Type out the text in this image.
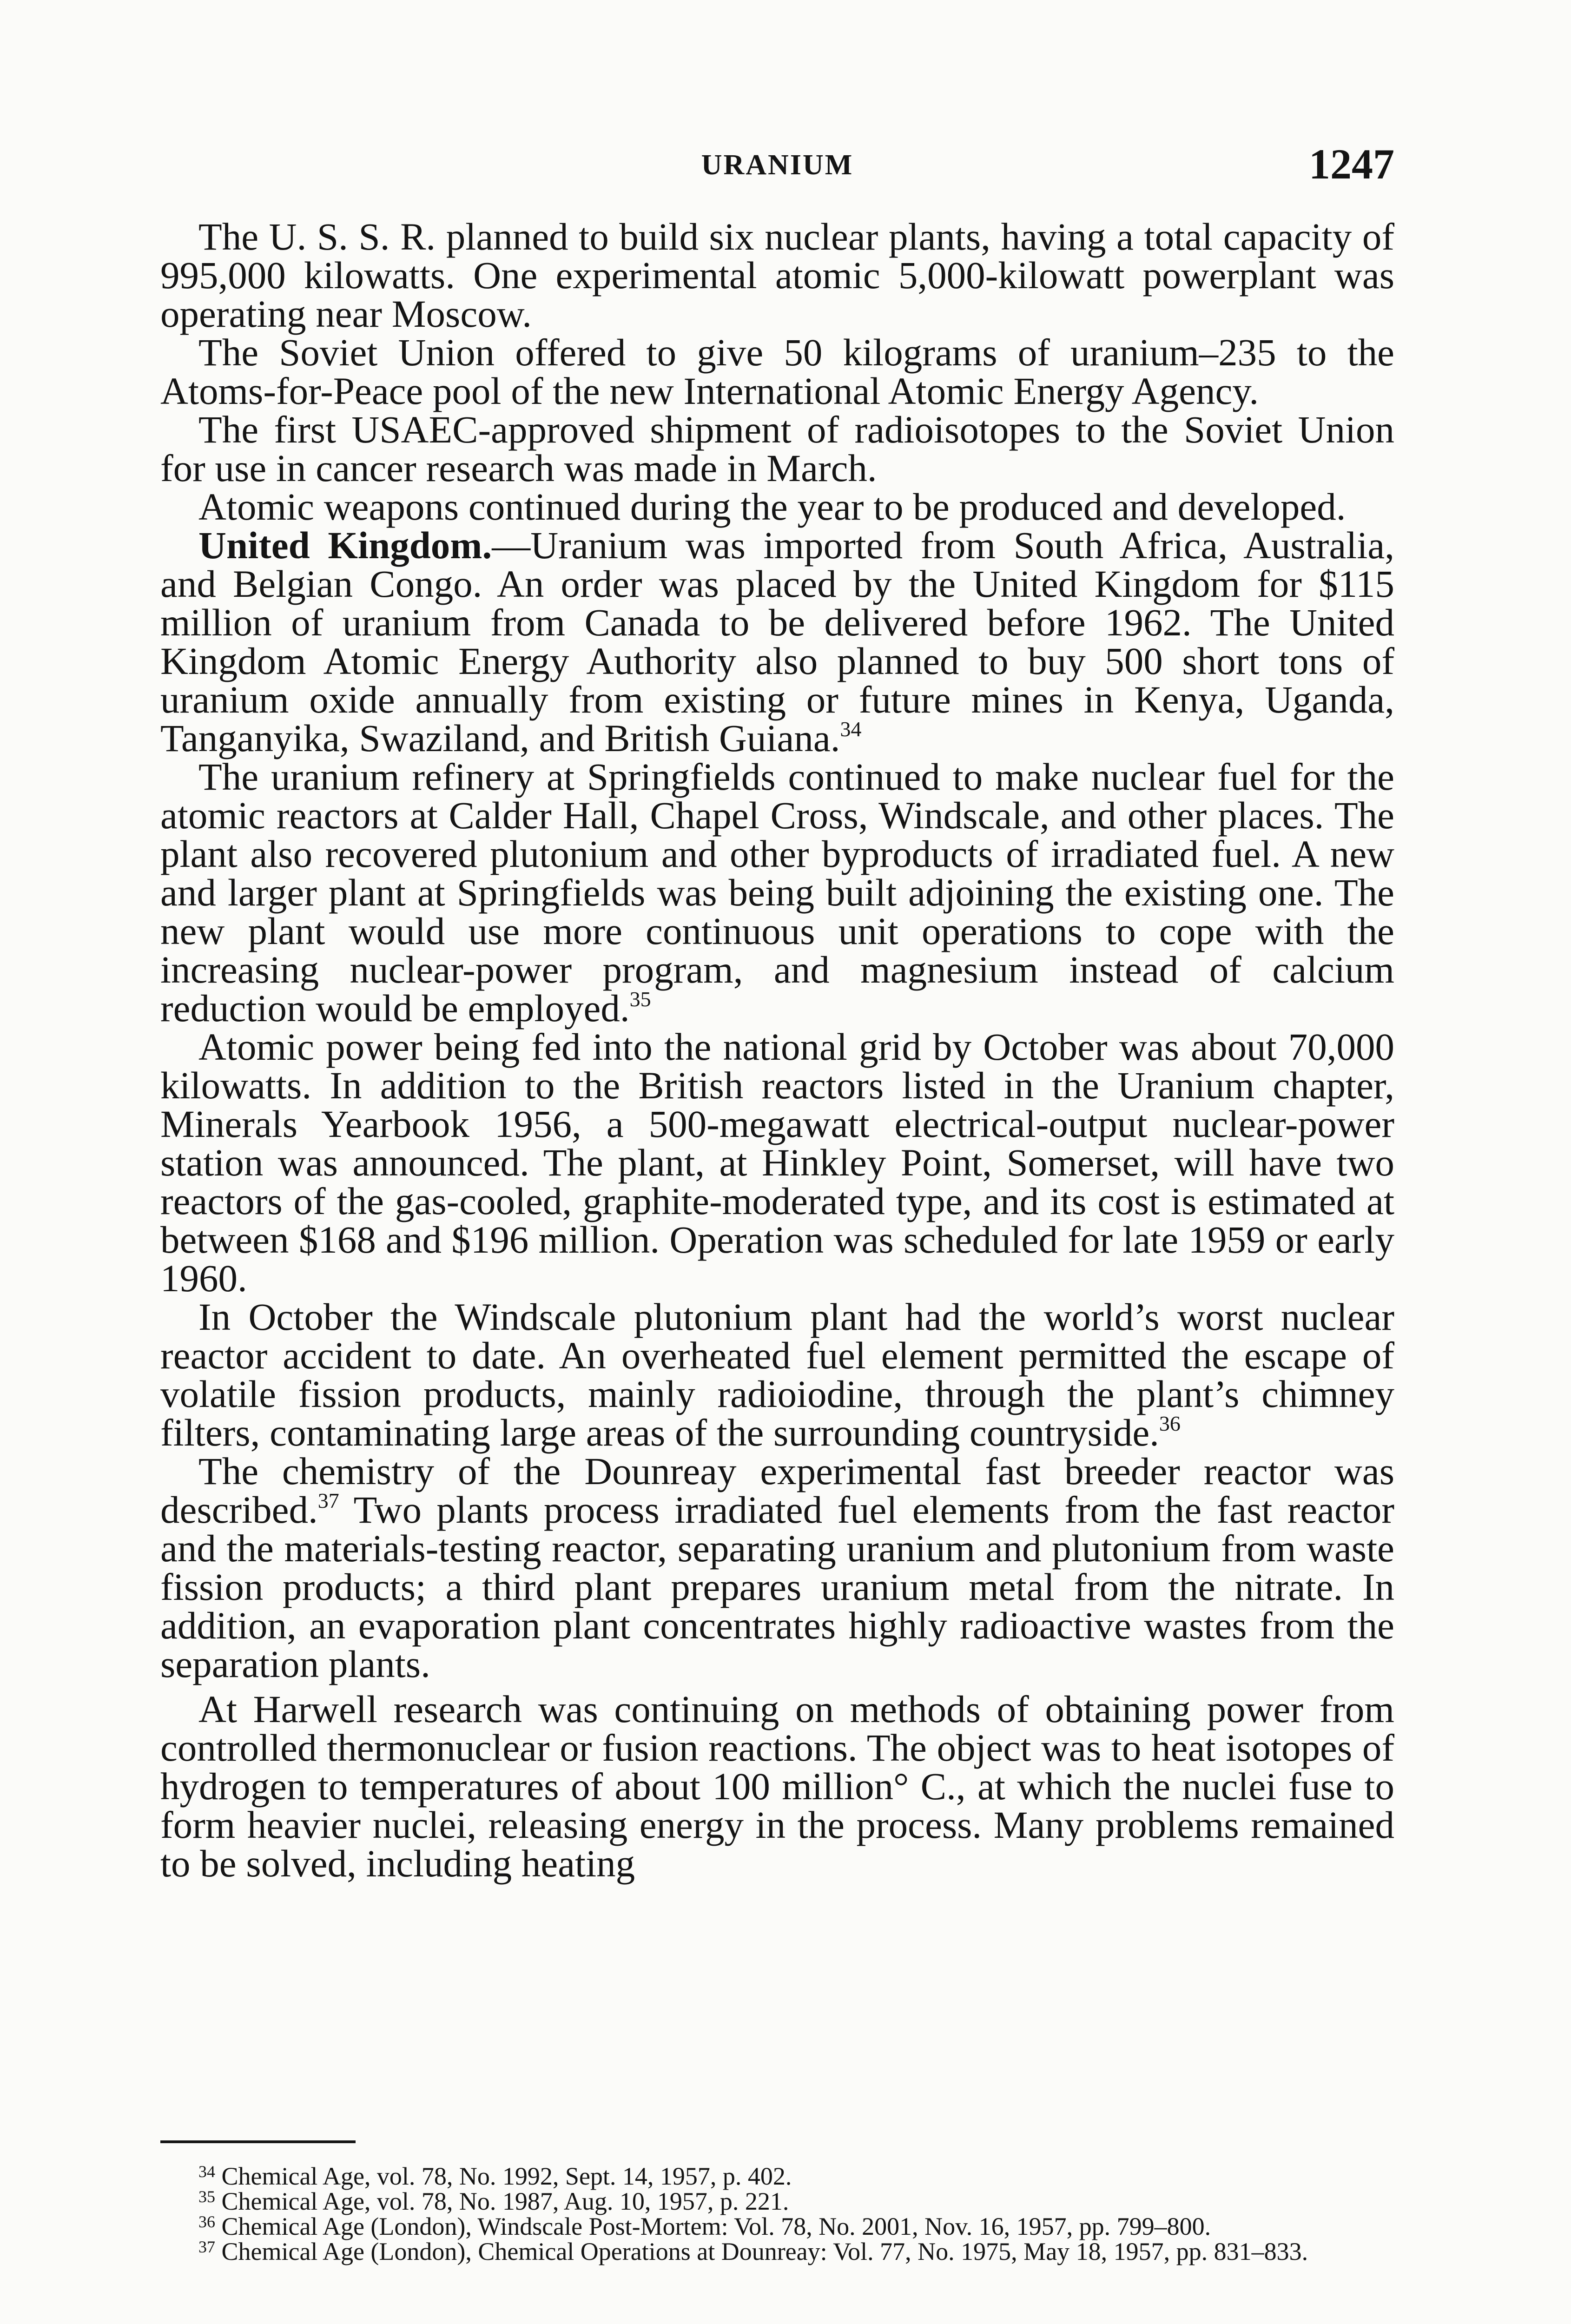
URANIUM	1247

The U. S. S. R. planned to build six nuclear plants, having a total capacity of 995,000 kilowatts. One experimental atomic 5,000-kilowatt powerplant was operating near Moscow.

The Soviet Union offered to give 50 kilograms of uranium–235 to the Atoms-for-Peace pool of the new International Atomic Energy Agency.

The first USAEC-approved shipment of radioisotopes to the Soviet Union for use in cancer research was made in March.

Atomic weapons continued during the year to be produced and developed.

United Kingdom.—Uranium was imported from South Africa, Australia, and Belgian Congo. An order was placed by the United Kingdom for $115 million of uranium from Canada to be delivered before 1962. The United Kingdom Atomic Energy Authority also planned to buy 500 short tons of uranium oxide annually from existing or future mines in Kenya, Uganda, Tanganyika, Swaziland, and British Guiana.$^{34}$

The uranium refinery at Springfields continued to make nuclear fuel for the atomic reactors at Calder Hall, Chapel Cross, Windscale, and other places. The plant also recovered plutonium and other byproducts of irradiated fuel. A new and larger plant at Springfields was being built adjoining the existing one. The new plant would use more continuous unit operations to cope with the increasing nuclear-power program, and magnesium instead of calcium reduction would be employed.$^{35}$

Atomic power being fed into the national grid by October was about 70,000 kilowatts. In addition to the British reactors listed in the Uranium chapter, Minerals Yearbook 1956, a 500-megawatt electrical-output nuclear-power station was announced. The plant, at Hinkley Point, Somerset, will have two reactors of the gas-cooled, graphite-moderated type, and its cost is estimated at between $168 and $196 million. Operation was scheduled for late 1959 or early 1960.

In October the Windscale plutonium plant had the world’s worst nuclear reactor accident to date. An overheated fuel element permitted the escape of volatile fission products, mainly radioiodine, through the plant’s chimney filters, contaminating large areas of the surrounding countryside.$^{36}$

The chemistry of the Dounreay experimental fast breeder reactor was described.$^{37}$ Two plants process irradiated fuel elements from the fast reactor and the materials-testing reactor, separating uranium and plutonium from waste fission products; a third plant prepares uranium metal from the nitrate. In addition, an evaporation plant concentrates highly radioactive wastes from the separation plants.

At Harwell research was continuing on methods of obtaining power from controlled thermonuclear or fusion reactions. The object was to heat isotopes of hydrogen to temperatures of about 100 million° C., at which the nuclei fuse to form heavier nuclei, releasing energy in the process. Many problems remained to be solved, including heating

$^{34}$ Chemical Age, vol. 78, No. 1992, Sept. 14, 1957, p. 402.

$^{35}$ Chemical Age, vol. 78, No. 1987, Aug. 10, 1957, p. 221.

$^{36}$ Chemical Age (London), Windscale Post-Mortem: Vol. 78, No. 2001, Nov. 16, 1957, pp. 799–800.

$^{37}$ Chemical Age (London), Chemical Operations at Dounreay: Vol. 77, No. 1975, May 18, 1957, pp. 831–833.
